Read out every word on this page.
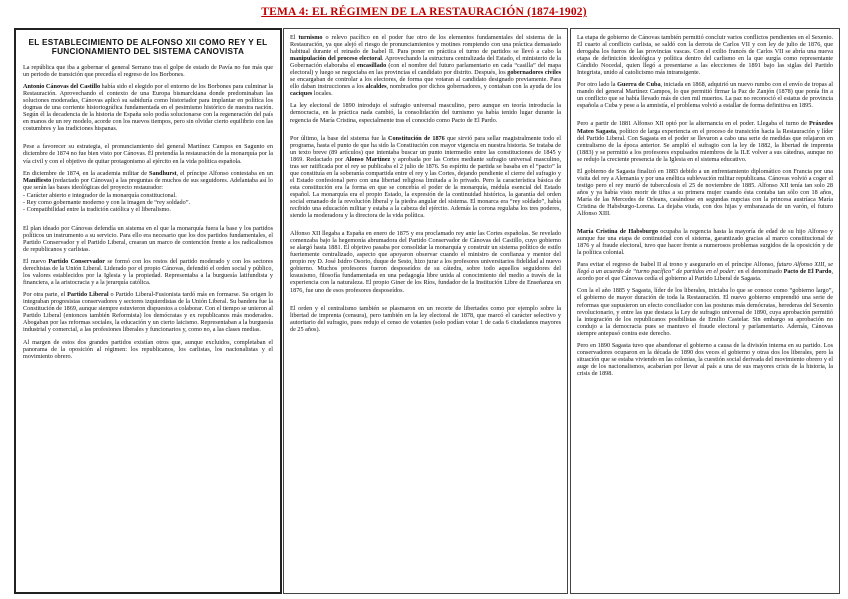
TEMA 4: EL RÉGIMEN DE LA RESTAURACIÓN (1874-1902)
EL ESTABLECIMIENTO DE ALFONSO XII COMO REY Y EL FUNCIONAMIENTO DEL SISTEMA CANOVISTA

La república que iba a gobernar el general Serrano tras el golpe de estado de Pavía no fue más que un periodo de transición que precedía el regreso de los Borbones.

Antonio Cánovas del Castillo había sido el elegido por el entorno de los Borbones para culminar la Restauración. Aprovechando el contexto de una Europa bismarckiana donde predominaban las soluciones moderadas, Cánovas aplicó su sabiduría como historiador para implantar en política los dogmas de una corriente historiográfica fundamentada en el pesimismo histórico de nuestra nación. Según él la decadencia de la historia de España solo podía solucionarse con la regeneración del país en manos de un rey modelo, acorde con los nuevos tiempos, pero sin olvidar cierto equilibrio con las costumbres y las tradiciones hispanas.

Pese a favorecer su estrategia, el pronunciamiento del general Martínez Campos en Sagunto en diciembre de 1874 no fue bien visto por Cánovas. Él pretendía la restauración de la monarquía por la vía civil y con el objetivo de quitar protagonismo al ejército en la vida política española.

En diciembre de 1874, en la academia militar de Sandhurst, el príncipe Alfonso contestaba en un Manifiesto (redactado por Cánovas) a las preguntas de muchos de sus seguidores. Adelantaba así lo que serán las bases ideológicas del proyecto restaurador:

- Carácter abierto e integrador de la monarquía constitucional.
- Rey como gobernante moderno y con la imagen de “rey soldado”.
- Compatibilidad entre la tradición católica y el liberalismo.

El plan ideado por Cánovas defendía un sistema en el que la monarquía fuera la base y los partidos políticos un instrumento a su servicio. Para ello era necesario que los dos partidos fundamentales, el Partido Conservador y el Partido Liberal, crearan un marco de contención frente a los radicalismos de republicanos y carlistas.

El nuevo Partido Conservador se formó con los restos del partido moderado y con los sectores derechistas de la Unión Liberal. Liderado por el propio Cánovas, defendió el orden social y público, los valores establecidos por la Iglesia y la propiedad. Representaba a la burguesía latifundista y financiera, a la aristocracia y a la jerarquía católica.

Por otra parte, el Partido Liberal o Partido Liberal-Fusionista tardó más en formarse. Su origen lo integraban progresistas conservadores y sectores izquierdistas de la Unión Liberal. Su bandera fue la Constitución de 1869, aunque siempre estuvieron dispuestos a colaborar. Con el tiempo se unieron al Partido Liberal (entonces también Reformista) los demócratas y ex republicanos más moderados. Abogaban por las reformas sociales, la educación y un cierto laicismo. Representaban a la burguesía industrial y comercial, a las profesiones liberales y funcionarios y, como no, a las clases medias.

Al margen de estos dos grandes partidos existían otros que, aunque excluidos, completaban el panorama de la oposición al régimen: los republicanos, los carlistas, los nacionalistas y el movimiento obrero.

El turnismo o relevo pacífico en el poder fue otro de los elementos fundamentales del sistema de la Restauración, ya que alejó el riesgo de pronunciamientos y motines rompiendo con una práctica demasiado habitual durante el reinado de Isabel II. Para poner en práctica el turno de partidos se llevó a cabo la manipulación del proceso electoral. Aprovechando la estructura centralizada del Estado, el ministerio de la Gobernación elaboraba el encasillado (con el nombre del futuro parlamentario en cada “casilla” del mapa electoral) y luego se negociaba en las provincias el candidato por distrito. Después, los gobernadores civiles se encargaban de controlar a los electores, de forma que votaran al candidato designado previamente. Para ello daban instrucciones a los alcaldes, nombrados por dichos gobernadores, y contaban con la ayuda de los caciques locales.

La ley electoral de 1890 introdujo el sufragio universal masculino, pero aunque en teoría introducía la democracia, en la práctica nada cambió, la consolidación del turnismo ya había tenido lugar durante la regencia de María Cristina, especialmente tras el conocido como Pacto de El Pardo.

Por último, la base del sistema fue la Constitución de 1876 que sirvió para sellar magistralmente todo el programa, hasta el punto de que ha sido la Constitución con mayor vigencia en nuestra historia. Se trataba de un texto breve (89 artículos) que intentaba buscar un punto intermedio entre las constituciones de 1845 y 1869. Redactado por Alonso Martínez y aprobada por las Cortes mediante sufragio universal masculino, tras ser ratificada por el rey se publicaba el 2 julio de 1876. Su espíritu de partida se basaba en el “pacto” la que constituía en la soberanía compartida entre el rey y las Cortes, dejando pendiente el cierre del sufragio y el Estado confesional pero con una libertad religiosa limitada a lo privado. Pero la característica básica de esta constitución era la forma en que se concebía el poder de la monarquía, médula esencial del Estado español. La monarquía era el propio Estado, la expresión de la continuidad histórica, la garantía del orden social emanado de la revolución liberal y la piedra angular del sistema. El monarca era “rey soldado”, había recibido una educación militar y estaba a la cabeza del ejército. Además la corona regulaba los tres poderes, siendo la moderadora y la directora de la vida política.

Alfonso XII llegaba a España en enero de 1875 y era proclamado rey ante las Cortes españolas. Se revelado comenzaba bajo la hegemonía abrumadora del Partido Conservador de Cánovas del Castillo, cuyo gobierno se alargó hasta 1881. El objetivo pasaba por consolidar la monarquía y construir un sistema político de estilo fuertemente centralizado, aspecto que apoyaron observar cuando el ministro de confianza y mentor del propio rey D. José Isidro Osorio, duque de Sesto, hizo jurar a los profesores universitarios fidelidad al nuevo gobierno. Muchos profesores fueron desposeídos de su cátedra, sobre todo aquellos seguidores del krausismo, filosofía fundamentada en una pedagogía libre unida al conocimiento del medio a través de la experiencia con la naturaleza. El propio Giner de los Ríos, fundador de la Institución Libre de Enseñanza en 1876, fue uno de esos profesores desposeídos.

El orden y el centralismo también se plasmaron en un recorte de libertades como por ejemplo sobre la libertad de imprenta (censura), pero también en la ley electoral de 1878, que marcó el carácter selectivo y autoritario del sufragio, pues redujo el censo de votantes (solo podían votar 1 de cada 6 ciudadanos mayores de 25 años).

La etapa de gobierno de Cánovas también permitió concluir varios conflictos pendientes en el Sexenio. El cuarto al conflicto carlista, se saldó con la derrota de Carlos VII y con ley de julio de 1876, que derogaba los fueros de las provincias vascas. Con el exilio francés de Carlos VII se abría una nueva etapa de definición ideológica y política dentro del carlismo en la que surgía como representante Cándido Nocedal, quien llegó a presentarse a las elecciones de 1891 bajo las siglas del Partido Integrista, unido al catolicismo más intransigente.

Por otro lado la Guerra de Cuba, iniciada en 1868, adquirió un nuevo rumbo con el envío de tropas al mando del general Martínez Campos, lo que permitió firmar la Paz de Zanjón (1878) que ponía fin a un conflicto que se había llevado más de cien mil muertos. La paz no reconoció el estatus de provincia española a Cuba y pese a la amnistía, el problema volvió a estallar de forma definitiva en 1895.

Pero a partir de 1881 Alfonso XII optó por la alternancia en el poder. Llegaba el turno de Práxedes Mateo Sagasta, político de larga experiencia en el proceso de transición hacia la Restauración y líder del Partido Liberal. Con Sagasta en el poder se llevaron a cabo una serie de medidas que relajaron en centralismo de la época anterior. Se amplió el sufragio con la ley de 1882, la libertad de imprenta (1883) y se permitió a los profesores expulsados miembros de la ILE volver a sus cátedras, aunque no se redujo la creciente presencia de la Iglesia en el sistema educativo.

El gobierno de Sagasta finalizó en 1883 debido a un enfrentamiento diplomático con Francia por una visita del rey a Alemania y por una enéltica sublevación militar republicana. Cánovas volvió a coger el testigo pero el rey murió de tuberculosis el 25 de noviembre de 1885. Alfonso XII tenía tan solo 28 años y ya había visto morir de tifus a su primera mujer cuando ésta contaba tan sólo con 18 años, María de las Mercedes de Orleans, casándose en segundas nupcias con la princesa austríaca María Cristina de Habsburgo-Lorena. La dejaba viuda, con dos hijas y embarazada de un varón, el futuro Alfonso XIII.

María Cristina de Habsburgo ocupaba la regencia hasta la mayoría de edad de su hijo Alfonso y aunque fue una etapa de continuidad con el sistema, garantizado gracias al marco constitucional de 1876 y al fraude electoral, tuvo que hacer frente a numerosos problemas surgidos de la oposición y de la política colonial.

Para evitar el regreso de Isabel II al trono y asegurarlo en el príncipe Alfonso, futuro Alfonso XIII, se llegó a un acuerdo de “turno pacífico” de partidos en el poder: en el denominado Pacto de El Pardo, acordo por el que Cánovas cedía el gobierno al Partido Liberal de Sagasta.

Con la el año 1885 y Sagasta, líder de los liberales, iniciaba lo que se conoce como “gobierno largo”, el gobierno de mayor duración de toda la Restauración. El nuevo gobierno emprendió una serie de reformas que supusieron un efecto conciliador con las posturas más demócratas, herederas del Sexenio revolucionario, y entre las que destaca la Ley de sufragio universal de 1890, cuya aprobación permitió la integración de los republicanos posibilistas de Emilio Castelar. Sin embargo su aprobación no condujo a la democracia pues se mantuvo el fraude electoral y parlamentario. Además, Cánovas siempre antepusó contra este derecho.

Pero en 1890 Sagasta tuvo que abandonar el gobierno a causa de la división interna en su partido. Los conservadores ocuparon en la década de 1890 dos veces el gobierno y otras dos los liberales, pero la situación que se estaba viviendo en las colonias, la cuestión social derivada del movimiento obrero y el auge de los nacionalismos, acabarían por llevar al país a una de sus mayores crisis de la historia, la crisis de 1898.
